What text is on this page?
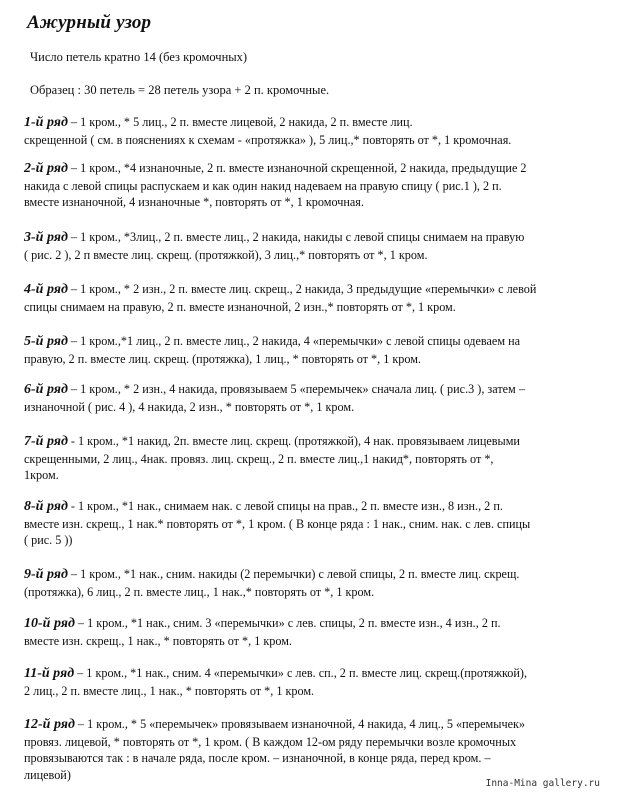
Ажурный узор
Число петель кратно 14 (без кромочных)
Образец : 30 петель = 28 петель узора + 2 п. кромочные.
1-й ряд – 1 кром., * 5 лиц., 2 п. вместе лицевой, 2 накида, 2 п. вместе лиц.
скрещенной ( см. в пояснениях к схемам - «протяжка» ), 5 лиц.,* повторять от *, 1 кромочная.
2-й ряд – 1 кром., *4 изнаночные, 2 п. вместе изнаночной скрещенной, 2 накида, предыдущие 2
накида с левой спицы распускаем и как один накид надеваем на правую спицу ( рис.1 ), 2 п.
вместе изнаночной, 4 изнаночные *, повторять от *, 1 кромочная.
3-й ряд – 1 кром., *3лиц., 2 п. вместе лиц., 2 накида, накиды с левой спицы снимаем на правую
( рис. 2 ), 2 п вместе лиц. скрещ. (протяжкой), 3 лиц.,* повторять от *, 1 кром.
4-й ряд – 1 кром., * 2 изн., 2 п. вместе лиц. скрещ., 2 накида, 3 предыдущие «перемычки» с левой
спицы снимаем на правую, 2 п. вместе изнаночной, 2 изн.,* повторять от *, 1 кром.
5-й ряд – 1 кром.,*1 лиц., 2 п. вместе лиц., 2 накида, 4 «перемычки» с левой спицы одеваем на
правую, 2 п. вместе лиц. скрещ. (протяжка), 1 лиц., * повторять от *, 1 кром.
6-й ряд – 1 кром., * 2 изн., 4 накида, провязываем 5 «перемычек» сначала лиц. ( рис.3 ), затем –
изнаночной ( рис. 4 ), 4 накида, 2 изн., * повторять от *, 1 кром.
7-й ряд - 1 кром., *1 накид, 2п. вместе лиц. скрещ. (протяжкой), 4 нак. провязываем лицевыми
скрещенными, 2 лиц., 4нак. провяз. лиц. скрещ., 2 п. вместе лиц.,1 накид*, повторять от *,
1кром.
8-й ряд - 1 кром., *1 нак., снимаем нак. с левой спицы на прав., 2 п. вместе изн., 8 изн., 2 п.
вместе изн. скрещ., 1 нак.* повторять от *, 1 кром. ( В конце ряда : 1 нак., сним. нак. с лев. спицы
( рис. 5 ))
9-й ряд – 1 кром., *1 нак., сним. накиды (2 перемычки) с левой спицы, 2 п. вместе лиц. скрещ.
(протяжка), 6 лиц., 2 п. вместе лиц., 1 нак.,* повторять от *, 1 кром.
10-й ряд – 1 кром., *1 нак., сним. 3 «перемычки» с лев. спицы, 2 п. вместе изн., 4 изн., 2 п.
вместе изн. скрещ., 1 нак., * повторять от *, 1 кром.
11-й ряд – 1 кром., *1 нак., сним. 4 «перемычки» с лев. сп., 2 п. вместе лиц. скрещ.(протяжкой),
2 лиц., 2 п. вместе лиц., 1 нак., * повторять от *, 1 кром.
12-й ряд – 1 кром., * 5 «перемычек» провязываем изнаночной, 4 накида, 4 лиц., 5 «перемычек»
провяз. лицевой, * повторять от *, 1 кром. ( В каждом 12-ом ряду перемычки возле кромочных
провязываются так : в начале ряда, после кром. – изнаночной, в конце ряда, перед кром. –
лицевой)
Inna-Mina gallery.ru
